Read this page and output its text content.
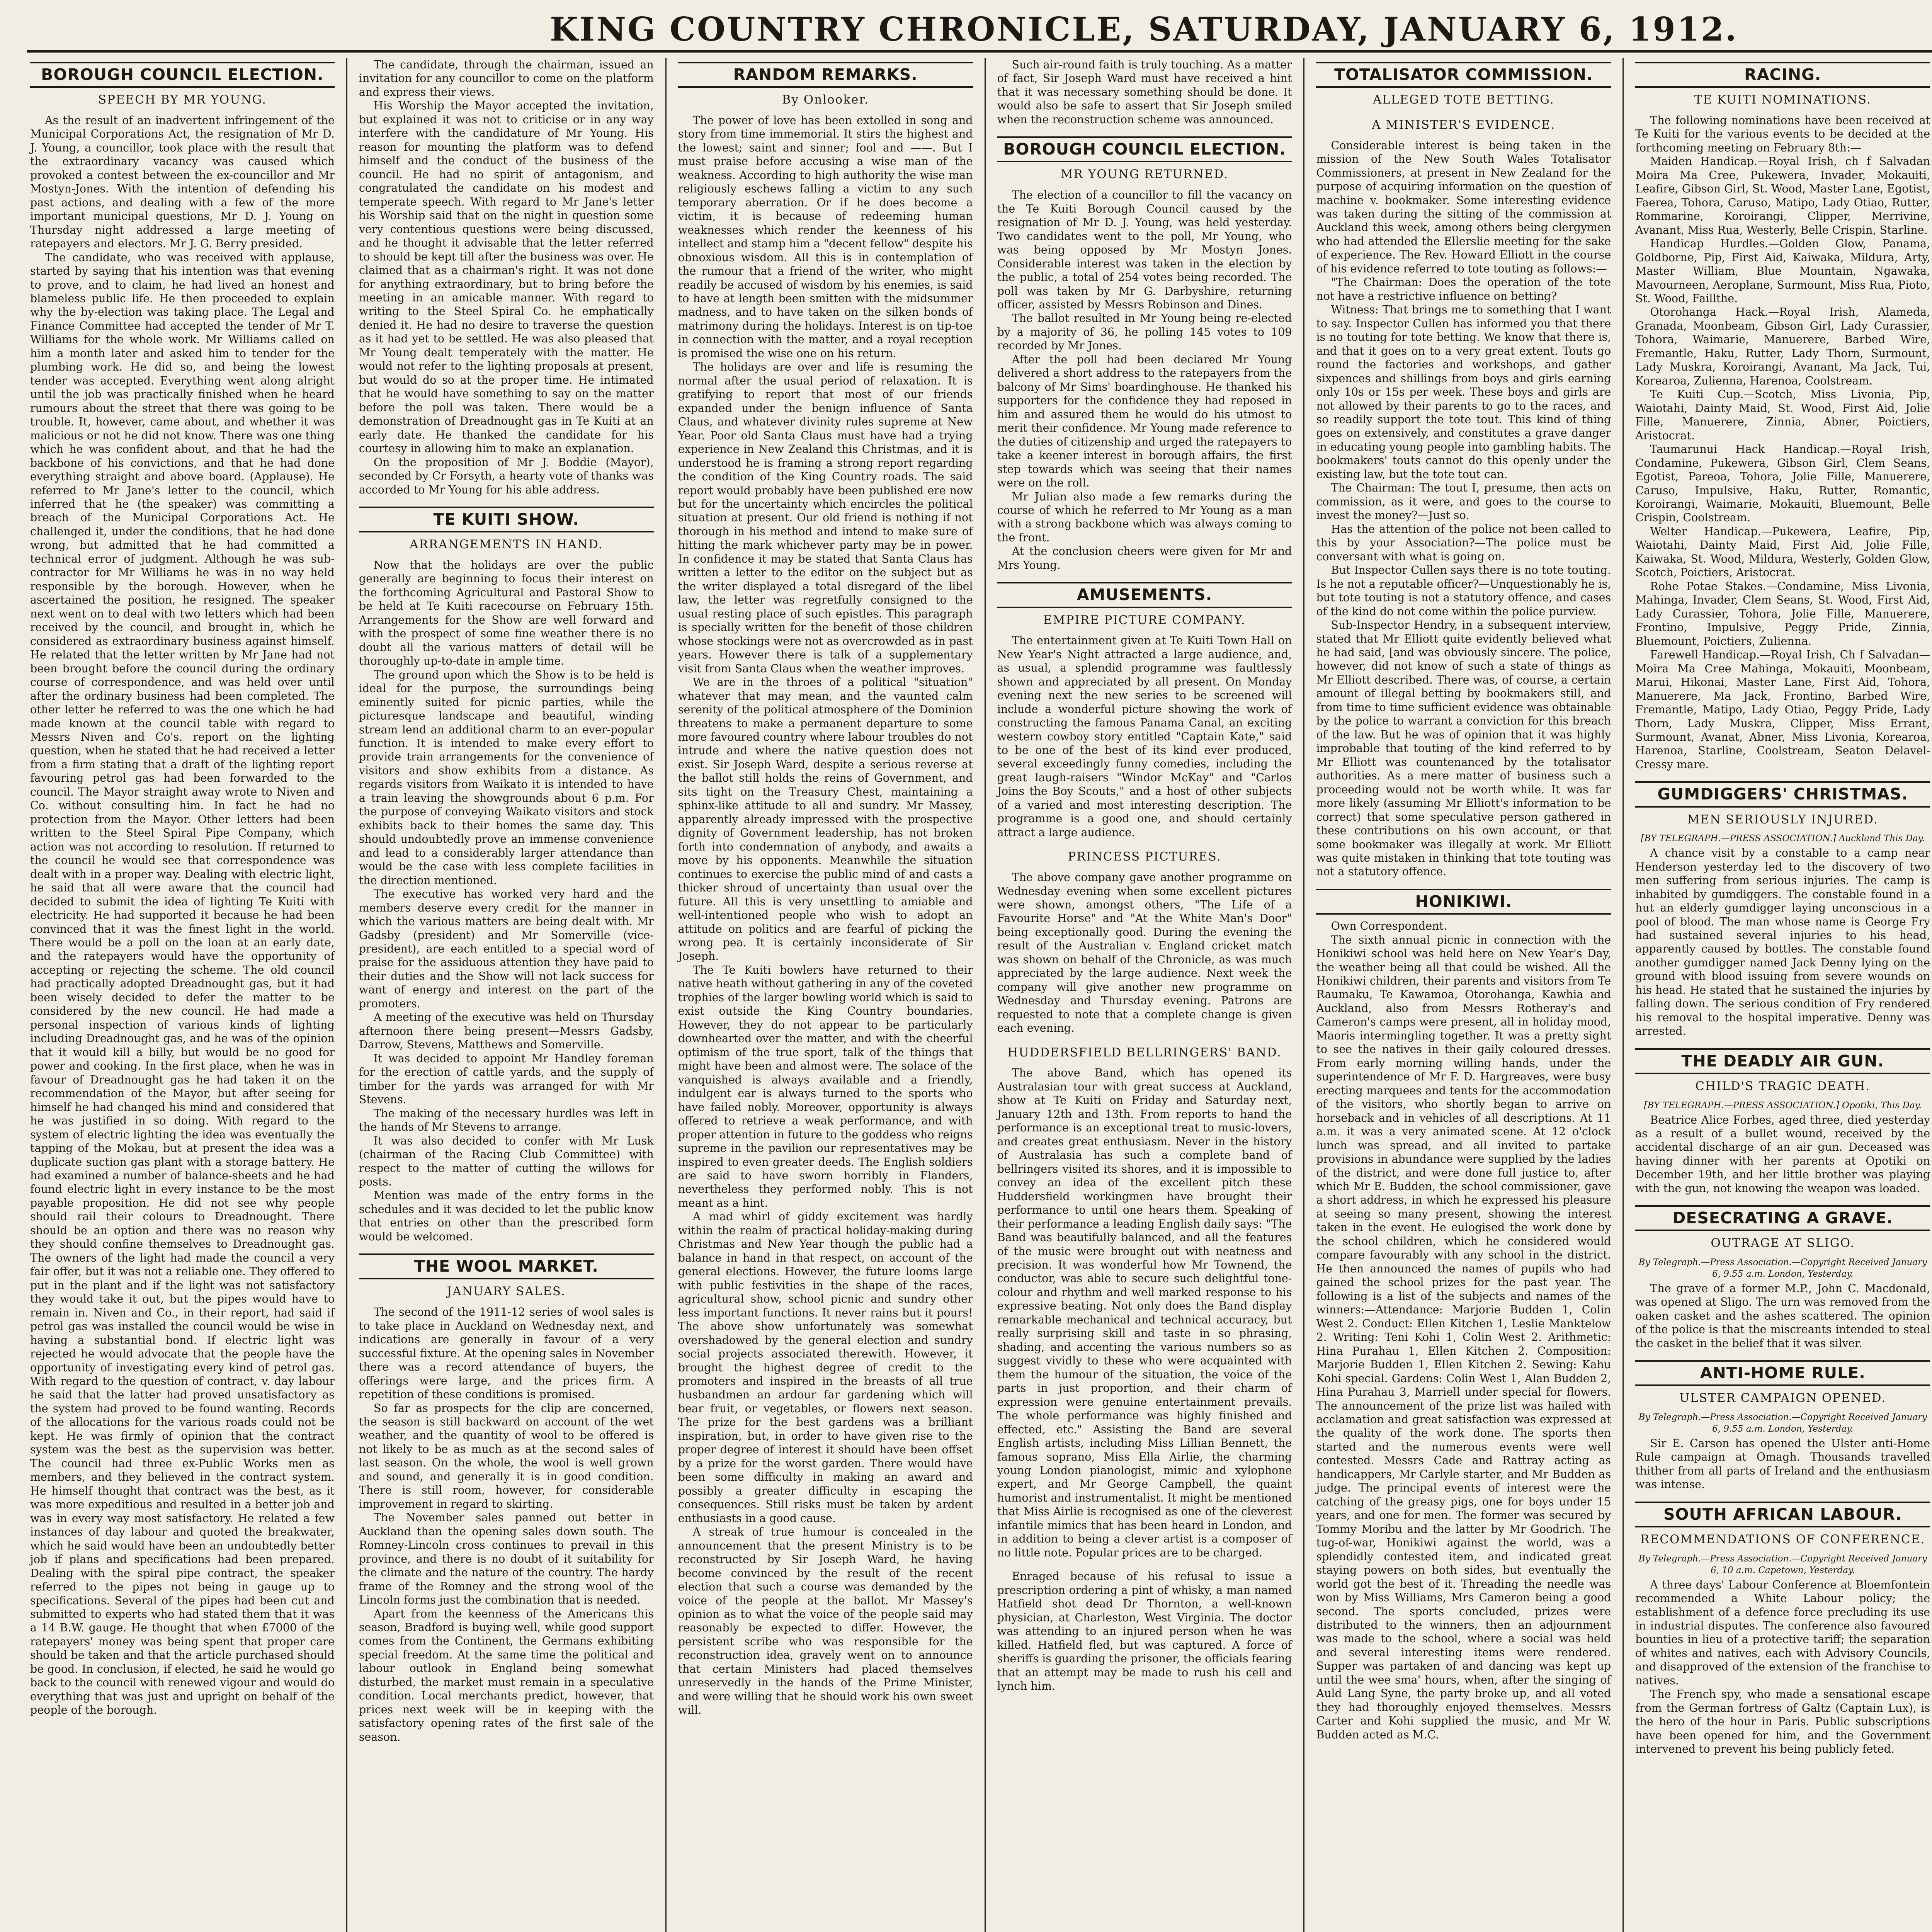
KING COUNTRY CHRONICLE, SATURDAY, JANUARY 6, 1912.
BOROUGH COUNCIL ELECTION.
SPEECH BY MR YOUNG.

As the result of an inadvertent infringement of the Municipal Corporations Act, the resignation of Mr D. J. Young, a councillor, took place with the result that the extraordinary vacancy was caused which provoked a contest between the ex-councillor and Mr Mostyn-Jones. With the intention of defending his past actions, and dealing with a few of the more important municipal questions, Mr D. J. Young on Thursday night addressed a large meeting of ratepayers and electors. Mr J. G. Berry presided.

The candidate, who was received with applause, started by saying that his intention was that evening to prove, and to claim, he had lived an honest and blameless public life. He then proceeded to explain why the by-election was taking place. The Legal and Finance Committee had accepted the tender of Mr T. Williams for the whole work. Mr Williams called on him a month later and asked him to tender for the plumbing work. He did so, and being the lowest tender was accepted. Everything went along alright until the job was practically finished when he heard rumours about the street that there was going to be trouble. It, however, came about, and whether it was malicious or not he did not know. There was one thing which he was confident about, and that he had the backbone of his convictions, and that he had done everything straight and above board. (Applause). He referred to Mr Jane's letter to the council, which inferred that he (the speaker) was committing a breach of the Municipal Corporations Act. He challenged it, under the conditions, that he had done wrong, but admitted that he had committed a technical error of judgment. Although he was sub-contractor for Mr Williams he was in no way held responsible by the borough. However, when he ascertained the position, he resigned. The speaker next went on to deal with two letters which had been received by the council, and brought in, which he considered as extraordinary business against himself. He related that the letter written by Mr Jane had not been brought before the council during the ordinary course of correspondence, and was held over until after the ordinary business had been completed. The other letter he referred to was the one which he had made known at the council table with regard to Messrs Niven and Co's. report on the lighting question, when he stated that he had received a letter from a firm stating that a draft of the lighting report favouring petrol gas had been forwarded to the council. The Mayor straight away wrote to Niven and Co. without consulting him. In fact he had no protection from the Mayor. Other letters had been written to the Steel Spiral Pipe Company, which action was not according to resolution. If returned to the council he would see that correspondence was dealt with in a proper way. Dealing with electric light, he said that all were aware that the council had decided to submit the idea of lighting Te Kuiti with electricity. He had supported it because he had been convinced that it was the finest light in the world. There would be a poll on the loan at an early date, and the ratepayers would have the opportunity of accepting or rejecting the scheme. The old council had practically adopted Dreadnought gas, but it had been wisely decided to defer the matter to be considered by the new council. He had made a personal inspection of various kinds of lighting including Dreadnought gas, and he was of the opinion that it would kill a billy, but would be no good for power and cooking. In the first place, when he was in favour of Dreadnought gas he had taken it on the recommendation of the Mayor, but after seeing for himself he had changed his mind and considered that he was justified in so doing. With regard to the system of electric lighting the idea was eventually the tapping of the Mokau, but at present the idea was a duplicate suction gas plant with a storage battery. He had examined a number of balance-sheets and he had found electric light in every instance to be the most payable proposition. He did not see why people should rail their colours to Dreadnought. There should be an option and there was no reason why they should confine themselves to Dreadnought gas. The owners of the light had made the council a very fair offer, but it was not a reliable one. They offered to put in the plant and if the light was not satisfactory they would take it out, but the pipes would have to remain in. Niven and Co., in their report, had said if petrol gas was installed the council would be wise in having a substantial bond. If electric light was rejected he would advocate that the people have the opportunity of investigating every kind of petrol gas. With regard to the question of contract, v. day labour he said that the latter had proved unsatisfactory as the system had proved to be found wanting. Records of the allocations for the various roads could not be kept. He was firmly of opinion that the contract system was the best as the supervision was better. The council had three ex-Public Works men as members, and they believed in the contract system. He himself thought that contract was the best, as it was more expeditious and resulted in a better job and was in every way most satisfactory. He related a few instances of day labour and quoted the breakwater, which he said would have been an undoubtedly better job if plans and specifications had been prepared. Dealing with the spiral pipe contract, the speaker referred to the pipes not being in gauge up to specifications. Several of the pipes had been cut and submitted to experts who had stated them that it was a 14 B.W. gauge. He thought that when £7000 of the ratepayers' money was being spent that proper care should be taken and that the article purchased should be good. In conclusion, if elected, he said he would go back to the council with renewed vigour and would do everything that was just and upright on behalf of the people of the borough.

The candidate, through the chairman, issued an invitation for any councillor to come on the platform and express their views.

His Worship the Mayor accepted the invitation, but explained it was not to criticise or in any way interfere with the candidature of Mr Young. His reason for mounting the platform was to defend himself and the conduct of the business of the council. He had no spirit of antagonism, and congratulated the candidate on his modest and temperate speech. With regard to Mr Jane's letter his Worship said that on the night in question some very contentious questions were being discussed, and he thought it advisable that the letter referred to should be kept till after the business was over. He claimed that as a chairman's right. It was not done for anything extraordinary, but to bring before the meeting in an amicable manner. With regard to writing to the Steel Spiral Co. he emphatically denied it. He had no desire to traverse the question as it had yet to be settled. He was also pleased that Mr Young dealt temperately with the matter. He would not refer to the lighting proposals at present, but would do so at the proper time. He intimated that he would have something to say on the matter before the poll was taken. There would be a demonstration of Dreadnought gas in Te Kuiti at an early date. He thanked the candidate for his courtesy in allowing him to make an explanation.

On the proposition of Mr J. Boddie (Mayor), seconded by Cr Forsyth, a hearty vote of thanks was accorded to Mr Young for his able address.

TE KUITI SHOW.
ARRANGEMENTS IN HAND.

Now that the holidays are over the public generally are beginning to focus their interest on the forthcoming Agricultural and Pastoral Show to be held at Te Kuiti racecourse on February 15th. Arrangements for the Show are well forward and with the prospect of some fine weather there is no doubt all the various matters of detail will be thoroughly up-to-date in ample time.

The ground upon which the Show is to be held is ideal for the purpose, the surroundings being eminently suited for picnic parties, while the picturesque landscape and beautiful, winding stream lend an additional charm to an ever-popular function. It is intended to make every effort to provide train arrangements for the convenience of visitors and show exhibits from a distance. As regards visitors from Waikato it is intended to have a train leaving the showgrounds about 6 p.m. For the purpose of conveying Waikato visitors and stock exhibits back to their homes the same day. This should undoubtedly prove an immense convenience and lead to a considerably larger attendance than would be the case with less complete facilities in the direction mentioned.

The executive has worked very hard and the members deserve every credit for the manner in which the various matters are being dealt with. Mr Gadsby (president) and Mr Somerville (vice-president), are each entitled to a special word of praise for the assiduous attention they have paid to their duties and the Show will not lack success for want of energy and interest on the part of the promoters.

A meeting of the executive was held on Thursday afternoon there being present—Messrs Gadsby, Darrow, Stevens, Matthews and Somerville.

It was decided to appoint Mr Handley foreman for the erection of cattle yards, and the supply of timber for the yards was arranged for with Mr Stevens.

The making of the necessary hurdles was left in the hands of Mr Stevens to arrange.

It was also decided to confer with Mr Lusk (chairman of the Racing Club Committee) with respect to the matter of cutting the willows for posts.

Mention was made of the entry forms in the schedules and it was decided to let the public know that entries on other than the prescribed form would be welcomed.

THE WOOL MARKET.
JANUARY SALES.

The second of the 1911-12 series of wool sales is to take place in Auckland on Wednesday next, and indications are generally in favour of a very successful fixture. At the opening sales in November there was a record attendance of buyers, the offerings were large, and the prices firm. A repetition of these conditions is promised.

So far as prospects for the clip are concerned, the season is still backward on account of the wet weather, and the quantity of wool to be offered is not likely to be as much as at the second sales of last season. On the whole, the wool is well grown and sound, and generally it is in good condition. There is still room, however, for considerable improvement in regard to skirting.

The November sales panned out better in Auckland than the opening sales down south. The Romney-Lincoln cross continues to prevail in this province, and there is no doubt of it suitability for the climate and the nature of the country. The hardy frame of the Romney and the strong wool of the Lincoln forms just the combination that is needed.

Apart from the keenness of the Americans this season, Bradford is buying well, while good support comes from the Continent, the Germans exhibiting special freedom. At the same time the political and labour outlook in England being somewhat disturbed, the market must remain in a speculative condition. Local merchants predict, however, that prices next week will be in keeping with the satisfactory opening rates of the first sale of the season.

RANDOM REMARKS.
By Onlooker.

The power of love has been extolled in song and story from time immemorial. It stirs the highest and the lowest; saint and sinner; fool and ——. But I must praise before accusing a wise man of the weakness. According to high authority the wise man religiously eschews falling a victim to any such temporary aberration. Or if he does become a victim, it is because of redeeming human weaknesses which render the keenness of his intellect and stamp him a "decent fellow" despite his obnoxious wisdom. All this is in contemplation of the rumour that a friend of the writer, who might readily be accused of wisdom by his enemies, is said to have at length been smitten with the midsummer madness, and to have taken on the silken bonds of matrimony during the holidays. Interest is on tip-toe in connection with the matter, and a royal reception is promised the wise one on his return.

The holidays are over and life is resuming the normal after the usual period of relaxation. It is gratifying to report that most of our friends expanded under the benign influence of Santa Claus, and whatever divinity rules supreme at New Year. Poor old Santa Claus must have had a trying experience in New Zealand this Christmas, and it is understood he is framing a strong report regarding the condition of the King Country roads. The said report would probably have been published ere now but for the uncertainty which encircles the political situation at present. Our old friend is nothing if not thorough in his method and intend to make sure of hitting the mark whichever party may be in power. In confidence it may be stated that Santa Claus has written a letter to the editor on the subject but as the writer displayed a total disregard of the libel law, the letter was regretfully consigned to the usual resting place of such epistles. This paragraph is specially written for the benefit of those children whose stockings were not as overcrowded as in past years. However there is talk of a supplementary visit from Santa Claus when the weather improves.

We are in the throes of a political "situation" whatever that may mean, and the vaunted calm serenity of the political atmosphere of the Dominion threatens to make a permanent departure to some more favoured country where labour troubles do not intrude and where the native question does not exist. Sir Joseph Ward, despite a serious reverse at the ballot still holds the reins of Government, and sits tight on the Treasury Chest, maintaining a sphinx-like attitude to all and sundry. Mr Massey, apparently already impressed with the prospective dignity of Government leadership, has not broken forth into condemnation of anybody, and awaits a move by his opponents. Meanwhile the situation continues to exercise the public mind of and casts a thicker shroud of uncertainty than usual over the future. All this is very unsettling to amiable and well-intentioned people who wish to adopt an attitude on politics and are fearful of picking the wrong pea. It is certainly inconsiderate of Sir Joseph.

The Te Kuiti bowlers have returned to their native heath without gathering in any of the coveted trophies of the larger bowling world which is said to exist outside the King Country boundaries. However, they do not appear to be particularly downhearted over the matter, and with the cheerful optimism of the true sport, talk of the things that might have been and almost were. The solace of the vanquished is always available and a friendly, indulgent ear is always turned to the sports who have failed nobly. Moreover, opportunity is always offered to retrieve a weak performance, and with proper attention in future to the goddess who reigns supreme in the pavilion our representatives may be inspired to even greater deeds. The English soldiers are said to have sworn horribly in Flanders, nevertheless they performed nobly. This is not meant as a hint.

A mad whirl of giddy excitement was hardly within the realm of practical holiday-making during Christmas and New Year though the public had a balance in hand in that respect, on account of the general elections. However, the future looms large with public festivities in the shape of the races, agricultural show, school picnic and sundry other less important functions. It never rains but it pours! The above show unfortunately was somewhat overshadowed by the general election and sundry social projects associated therewith. However, it brought the highest degree of credit to the promoters and inspired in the breasts of all true husbandmen an ardour far gardening which will bear fruit, or vegetables, or flowers next season. The prize for the best gardens was a brilliant inspiration, but, in order to have given rise to the proper degree of interest it should have been offset by a prize for the worst garden. There would have been some difficulty in making an award and possibly a greater difficulty in escaping the consequences. Still risks must be taken by ardent enthusiasts in a good cause.

A streak of true humour is concealed in the announcement that the present Ministry is to be reconstructed by Sir Joseph Ward, he having become convinced by the result of the recent election that such a course was demanded by the voice of the people at the ballot. Mr Massey's opinion as to what the voice of the people said may reasonably be expected to differ. However, the persistent scribe who was responsible for the reconstruction idea, gravely went on to announce that certain Ministers had placed themselves unreservedly in the hands of the Prime Minister, and were willing that he should work his own sweet will.

Such air-round faith is truly touching. As a matter of fact, Sir Joseph Ward must have received a hint that it was necessary something should be done. It would also be safe to assert that Sir Joseph smiled when the reconstruction scheme was announced.

BOROUGH COUNCIL ELECTION.
MR YOUNG RETURNED.

The election of a councillor to fill the vacancy on the Te Kuiti Borough Council caused by the resignation of Mr D. J. Young, was held yesterday. Two candidates went to the poll, Mr Young, who was being opposed by Mr Mostyn Jones. Considerable interest was taken in the election by the public, a total of 254 votes being recorded. The poll was taken by Mr G. Darbyshire, returning officer, assisted by Messrs Robinson and Dines.

The ballot resulted in Mr Young being re-elected by a majority of 36, he polling 145 votes to 109 recorded by Mr Jones.

After the poll had been declared Mr Young delivered a short address to the ratepayers from the balcony of Mr Sims' boardinghouse. He thanked his supporters for the confidence they had reposed in him and assured them he would do his utmost to merit their confidence. Mr Young made reference to the duties of citizenship and urged the ratepayers to take a keener interest in borough affairs, the first step towards which was seeing that their names were on the roll.

Mr Julian also made a few remarks during the course of which he referred to Mr Young as a man with a strong backbone which was always coming to the front.

At the conclusion cheers were given for Mr and Mrs Young.

AMUSEMENTS.
EMPIRE PICTURE COMPANY.

The entertainment given at Te Kuiti Town Hall on New Year's Night attracted a large audience, and, as usual, a splendid programme was faultlessly shown and appreciated by all present. On Monday evening next the new series to be screened will include a wonderful picture showing the work of constructing the famous Panama Canal, an exciting western cowboy story entitled "Captain Kate," said to be one of the best of its kind ever produced, several exceedingly funny comedies, including the great laugh-raisers "Windor McKay" and "Carlos Joins the Boy Scouts," and a host of other subjects of a varied and most interesting description. The programme is a good one, and should certainly attract a large audience.

PRINCESS PICTURES.

The above company gave another programme on Wednesday evening when some excellent pictures were shown, amongst others, "The Life of a Favourite Horse" and "At the White Man's Door" being exceptionally good. During the evening the result of the Australian v. England cricket match was shown on behalf of the Chronicle, as was much appreciated by the large audience. Next week the company will give another new programme on Wednesday and Thursday evening. Patrons are requested to note that a complete change is given each evening.

HUDDERSFIELD BELLRINGERS' BAND.

The above Band, which has opened its Australasian tour with great success at Auckland, show at Te Kuiti on Friday and Saturday next, January 12th and 13th. From reports to hand the performance is an exceptional treat to music-lovers, and creates great enthusiasm. Never in the history of Australasia has such a complete band of bellringers visited its shores, and it is impossible to convey an idea of the excellent pitch these Huddersfield workingmen have brought their performance to until one hears them. Speaking of their performance a leading English daily says: "The Band was beautifully balanced, and all the features of the music were brought out with neatness and precision. It was wonderful how Mr Townend, the conductor, was able to secure such delightful tone-colour and rhythm and well marked response to his expressive beating. Not only does the Band display remarkable mechanical and technical accuracy, but really surprising skill and taste in so phrasing, shading, and accenting the various numbers so as suggest vividly to these who were acquainted with them the humour of the situation, the voice of the parts in just proportion, and their charm of expression were genuine entertainment prevails. The whole performance was highly finished and effected, etc." Assisting the Band are several English artists, including Miss Lillian Bennett, the famous soprano, Miss Ella Airlie, the charming young London pianologist, mimic and xylophone expert, and Mr George Campbell, the quaint humorist and instrumentalist. It might be mentioned that Miss Airlie is recognised as one of the cleverest infantile mimics that has been heard in London, and in addition to being a clever artist is a composer of no little note. Popular prices are to be charged.

Enraged because of his refusal to issue a prescription ordering a pint of whisky, a man named Hatfield shot dead Dr Thornton, a well-known physician, at Charleston, West Virginia. The doctor was attending to an injured person when he was killed. Hatfield fled, but was captured. A force of sheriffs is guarding the prisoner, the officials fearing that an attempt may be made to rush his cell and lynch him.

TOTALISATOR COMMISSION.
ALLEGED TOTE BETTING.
A MINISTER'S EVIDENCE.

Considerable interest is being taken in the mission of the New South Wales Totalisator Commissioners, at present in New Zealand for the purpose of acquiring information on the question of machine v. bookmaker. Some interesting evidence was taken during the sitting of the commission at Auckland this week, among others being clergymen who had attended the Ellerslie meeting for the sake of experience. The Rev. Howard Elliott in the course of his evidence referred to tote touting as follows:—

"The Chairman: Does the operation of the tote not have a restrictive influence on betting?

Witness: That brings me to something that I want to say. Inspector Cullen has informed you that there is no touting for tote betting. We know that there is, and that it goes on to a very great extent. Touts go round the factories and workshops, and gather sixpences and shillings from boys and girls earning only 10s or 15s per week. These boys and girls are not allowed by their parents to go to the races, and so readily support the tote tout. This kind of thing goes on extensively, and constitutes a grave danger in educating young people into gambling habits. The bookmakers' touts cannot do this openly under the existing law, but the tote tout can.

The Chairman: The tout I, presume, then acts on commission, as it were, and goes to the course to invest the money?—Just so.

Has the attention of the police not been called to this by your Association?—The police must be conversant with what is going on.

But Inspector Cullen says there is no tote touting. Is he not a reputable officer?—Unquestionably he is, but tote touting is not a statutory offence, and cases of the kind do not come within the police purview.

Sub-Inspector Hendry, in a subsequent interview, stated that Mr Elliott quite evidently believed what he had said, [and was obviously sincere. The police, however, did not know of such a state of things as Mr Elliott described. There was, of course, a certain amount of illegal betting by bookmakers still, and from time to time sufficient evidence was obtainable by the police to warrant a conviction for this breach of the law. But he was of opinion that it was highly improbable that touting of the kind referred to by Mr Elliott was countenanced by the totalisator authorities. As a mere matter of business such a proceeding would not be worth while. It was far more likely (assuming Mr Elliott's information to be correct) that some speculative person gathered in these contributions on his own account, or that some bookmaker was illegally at work. Mr Elliott was quite mistaken in thinking that tote touting was not a statutory offence.

HONIKIWI.

Own Correspondent.

The sixth annual picnic in connection with the Honikiwi school was held here on New Year's Day, the weather being all that could be wished. All the Honikiwi children, their parents and visitors from Te Raumaku, Te Kawamoa, Otorohanga, Kawhia and Auckland, also from Messrs Rotheray's and Cameron's camps were present, all in holiday mood, Maoris intermingling together. It was a pretty sight to see the natives in their gaily coloured dresses. From early morning willing hands, under the superintendence of Mr F. D. Hargreaves, were busy erecting marquees and tents for the accommodation of the visitors, who shortly began to arrive on horseback and in vehicles of all descriptions. At 11 a.m. it was a very animated scene. At 12 o'clock lunch was spread, and all invited to partake provisions in abundance were supplied by the ladies of the district, and were done full justice to, after which Mr E. Budden, the school commissioner, gave a short address, in which he expressed his pleasure at seeing so many present, showing the interest taken in the event. He eulogised the work done by the school children, which he considered would compare favourably with any school in the district. He then announced the names of pupils who had gained the school prizes for the past year. The following is a list of the subjects and names of the winners:—Attendance: Marjorie Budden 1, Colin West 2. Conduct: Ellen Kitchen 1, Leslie Manktelow 2. Writing: Teni Kohi 1, Colin West 2. Arithmetic: Hina Purahau 1, Ellen Kitchen 2. Composition: Marjorie Budden 1, Ellen Kitchen 2. Sewing: Kahu Kohi special. Gardens: Colin West 1, Alan Budden 2, Hina Purahau 3, Marriell under special for flowers. The announcement of the prize list was hailed with acclamation and great satisfaction was expressed at the quality of the work done. The sports then started and the numerous events were well contested. Messrs Cade and Rattray acting as handicappers, Mr Carlyle starter, and Mr Budden as judge. The principal events of interest were the catching of the greasy pigs, one for boys under 15 years, and one for men. The former was secured by Tommy Moribu and the latter by Mr Goodrich. The tug-of-war, Honikiwi against the world, was a splendidly contested item, and indicated great staying powers on both sides, but eventually the world got the best of it. Threading the needle was won by Miss Williams, Mrs Cameron being a good second. The sports concluded, prizes were distributed to the winners, then an adjournment was made to the school, where a social was held and several interesting items were rendered. Supper was partaken of and dancing was kept up until the wee sma' hours, when, after the singing of Auld Lang Syne, the party broke up, and all voted they had thoroughly enjoyed themselves. Messrs Carter and Kohi supplied the music, and Mr W. Budden acted as M.C.

RACING.
TE KUITI NOMINATIONS.

The following nominations have been received at Te Kuiti for the various events to be decided at the forthcoming meeting on February 8th:—

Maiden Handicap.—Royal Irish, ch f Salvadan Moira Ma Cree, Pukewera, Invader, Mokauiti, Leafire, Gibson Girl, St. Wood, Master Lane, Egotist, Faerea, Tohora, Caruso, Matipo, Lady Otiao, Rutter, Rommarine, Koroirangi, Clipper, Merrivine, Avanant, Miss Rua, Westerly, Belle Crispin, Starline.

Handicap Hurdles.—Golden Glow, Panama, Goldborne, Pip, First Aid, Kaiwaka, Mildura, Arty, Master William, Blue Mountain, Ngawaka, Mavourneen, Aeroplane, Surmount, Miss Rua, Pioto, St. Wood, Faillthe.

Otorohanga Hack.—Royal Irish, Alameda, Granada, Moonbeam, Gibson Girl, Lady Curassier, Tohora, Waimarie, Manuerere, Barbed Wire, Fremantle, Haku, Rutter, Lady Thorn, Surmount, Lady Muskra, Koroirangi, Avanant, Ma Jack, Tui, Korearoa, Zulienna, Harenoa, Coolstream.

Te Kuiti Cup.—Scotch, Miss Livonia, Pip, Waiotahi, Dainty Maid, St. Wood, First Aid, Jolie Fille, Manuerere, Zinnia, Abner, Poictiers, Aristocrat.

Taumarunui Hack Handicap.—Royal Irish, Condamine, Pukewera, Gibson Girl, Clem Seans, Egotist, Pareoa, Tohora, Jolie Fille, Manuerere, Caruso, Impulsive, Haku, Rutter, Romantic, Koroirangi, Waimarie, Mokauiti, Bluemount, Belle Crispin, Coolstream.

Welter Handicap.—Pukewera, Leafire, Pip, Waiotahi, Dainty Maid, First Aid, Jolie Fille, Kaiwaka, St. Wood, Mildura, Westerly, Golden Glow, Scotch, Poictiers, Aristocrat.

Rohe Potae Stakes.—Condamine, Miss Livonia, Mahinga, Invader, Clem Seans, St. Wood, First Aid, Lady Curassier, Tohora, Jolie Fille, Manuerere, Frontino, Impulsive, Peggy Pride, Zinnia, Bluemount, Poictiers, Zulienna.

Farewell Handicap.—Royal Irish, Ch f Salvadan—Moira Ma Cree Mahinga, Mokauiti, Moonbeam, Marui, Hikonai, Master Lane, First Aid, Tohora, Manuerere, Ma Jack, Frontino, Barbed Wire, Fremantle, Matipo, Lady Otiao, Peggy Pride, Lady Thorn, Lady Muskra, Clipper, Miss Errant, Surmount, Avanat, Abner, Miss Livonia, Korearoa, Harenoa, Starline, Coolstream, Seaton Delavel-Cressy mare.

GUMDIGGERS' CHRISTMAS.
MEN SERIOUSLY INJURED.
[BY TELEGRAPH.—PRESS ASSOCIATION.] Auckland This Day.

A chance visit by a constable to a camp near Henderson yesterday led to the discovery of two men suffering from serious injuries. The camp is inhabited by gumdiggers. The constable found in a hut an elderly gumdigger laying unconscious in a pool of blood. The man whose name is George Fry had sustained several injuries to his head, apparently caused by bottles. The constable found another gumdigger named Jack Denny lying on the ground with blood issuing from severe wounds on his head. He stated that he sustained the injuries by falling down. The serious condition of Fry rendered his removal to the hospital imperative. Denny was arrested.

THE DEADLY AIR GUN.
CHILD'S TRAGIC DEATH.
[BY TELEGRAPH.—PRESS ASSOCIATION.] Opotiki, This Day.

Beatrice Alice Forbes, aged three, died yesterday as a result of a bullet wound, received by the accidental discharge of an air gun. Deceased was having dinner with her parents at Opotiki on December 19th, and her little brother was playing with the gun, not knowing the weapon was loaded.

DESECRATING A GRAVE.
OUTRAGE AT SLIGO.
By Telegraph.—Press Association.—Copyright Received January 6, 9.55 a.m. London, Yesterday.

The grave of a former M.P., John C. Macdonald, was opened at Sligo. The urn was removed from the oaken casket and the ashes scattered. The opinion of the police is that the miscreants intended to steal the casket in the belief that it was silver.

ANTI-HOME RULE.
ULSTER CAMPAIGN OPENED.
By Telegraph.—Press Association.—Copyright Received January 6, 9.55 a.m. London, Yesterday.

Sir E. Carson has opened the Ulster anti-Home Rule campaign at Omagh. Thousands travelled thither from all parts of Ireland and the enthusiasm was intense.

SOUTH AFRICAN LABOUR.
RECOMMENDATIONS OF CONFERENCE.
By Telegraph.—Press Association.—Copyright Received January 6, 10 a.m. Capetown, Yesterday.

A three days' Labour Conference at Bloemfontein recommended a White Labour policy; the establishment of a defence force precluding its use in industrial disputes. The conference also favoured bounties in lieu of a protective tariff; the separation of whites and natives, each with Advisory Councils, and disapproved of the extension of the franchise to natives.

The French spy, who made a sensational escape from the German fortress of Galtz (Captain Lux), is the hero of the hour in Paris. Public subscriptions have been opened for him, and the Government intervened to prevent his being publicly feted.
